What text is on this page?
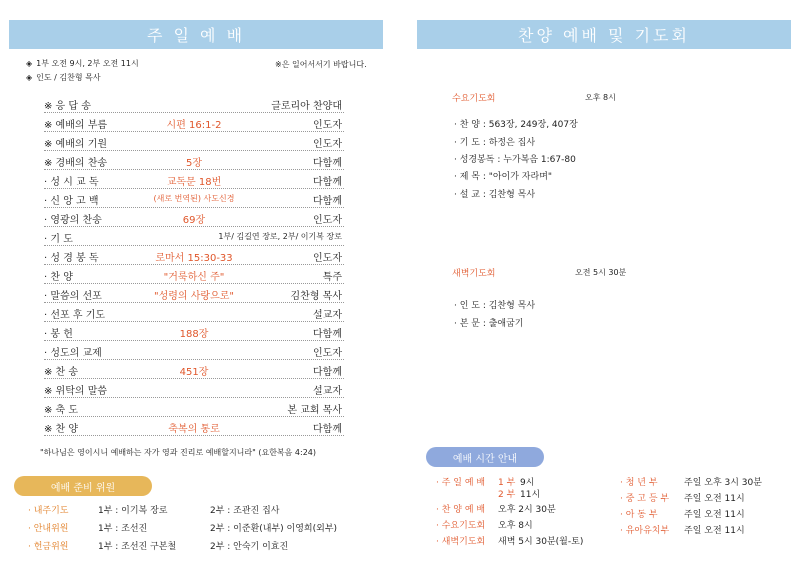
주 일 예 배
◈ 1부 오전 9시, 2부 오전 11시
◈ 인도 / 김찬형 목사
※은 일어서서기 바랍니다.
※ 응 답 송	글로리아 찬양대
※ 예배의 부름	시편 16:1-2	인도자
※ 예배의 기원	인도자
※ 경배의 찬송	5장	다함께
· 성 시 교 독	교독문 18번	다함께
· 신 앙 고 백	(새로 번역된) 사도신경	다함께
· 영광의 찬송	69장	인도자
· 기 도	1부/ 김길연 장로, 2부/ 이기복 장로
· 성 경 봉 독	로마서 15:30-33	인도자
· 찬 양	"거룩하신 주"	특주
· 말씀의 선포	"성령의 사랑으로"	김찬형 목사
· 선포 후 기도	설교자
· 봉 헌	188장	다함께
· 성도의 교제	인도자
※ 찬 송	451장	다함께
※ 위탁의 말씀	설교자
※ 축 도	본 교회 목사
※ 찬 양	축복의 통로	다함께
"하나님은 영이시니 예배하는 자가 영과 진리로 예배할지니라" (요한복음 4:24)
예배 준비 위원
· 내주기도	1부 : 이기복 장로	2부 : 조관진 집사
· 안내위원	1부 : 조선진	2부 : 이준환(내부) 이영희(외부)
· 헌금위원	1부 : 조선진 구본철	2부 : 안숙기 이효진
찬양 예배 및 기도회
수요기도회	오후 8시
· 찬 양 : 563장, 249장, 407장
· 기 도 : 하정은 집사
· 성경봉독 : 누가복음 1:67-80
· 제 목 : "아이가 자라며"
· 설 교 : 김찬형 목사
새벽기도회	오전 5시 30분
· 인 도 : 김찬형 목사
· 본 문 : 출애굽기
예배 시간 안내
· 주 일 예 배 1 부 9시
2 부 11시
· 찬 양 예 배 오후 2시 30분
· 수요기도회 오후 8시
· 새벽기도회 새벽 5시 30분(월-토)
· 청 년 부	주일 오후 3시 30분
· 중 고 등 부 주일 오전 11시
· 아 동 부	주일 오전 11시
· 유아유치부 주일 오전 11시
